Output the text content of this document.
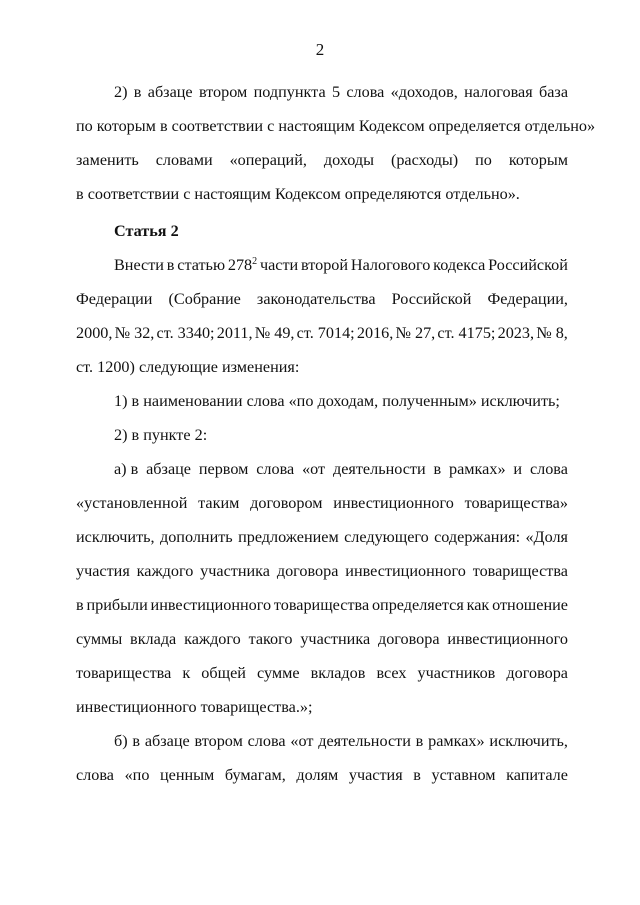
2
2) в абзаце втором подпункта 5 слова «доходов, налоговая база
по которым в соответствии с настоящим Кодексом определяется отдельно»
заменить словами «операций, доходы (расходы) по которым
в соответствии с настоящим Кодексом определяются отдельно».
Статья 2
Внести в статью $278^2$ части второй Налогового кодекса Российской
Федерации (Собрание законодательства Российской Федерации,
2000, № 32, ст. 3340; 2011, № 49, ст. 7014; 2016, № 27, ст. 4175; 2023, № 8,
ст. 1200) следующие изменения:
1) в наименовании слова «по доходам, полученным» исключить;
2) в пункте 2:
а) в абзаце первом слова «от деятельности в рамках» и слова
«установленной таким договором инвестиционного товарищества»
исключить, дополнить предложением следующего содержания: «Доля
участия каждого участника договора инвестиционного товарищества
в прибыли инвестиционного товарищества определяется как отношение
суммы вклада каждого такого участника договора инвестиционного
товарищества к общей сумме вкладов всех участников договора
инвестиционного товарищества.»;
б) в абзаце втором слова «от деятельности в рамках» исключить,
слова «по ценным бумагам, долям участия в уставном капитале
